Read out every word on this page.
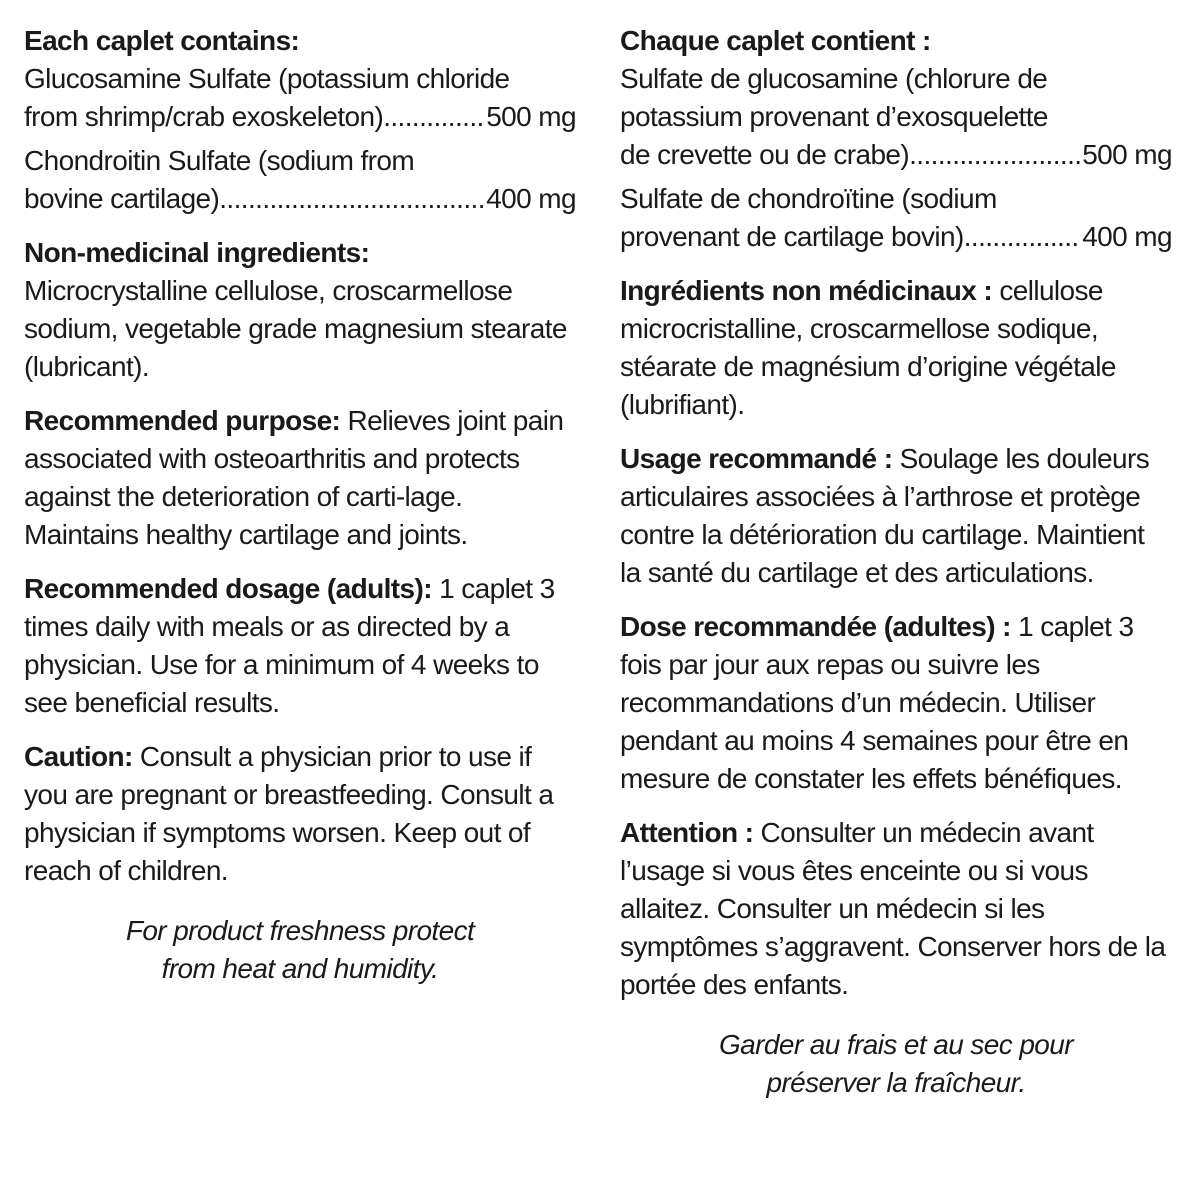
Each caplet contains:
Glucosamine Sulfate (potassium chloride
from shrimp/crab exoskeleton) .....	500 mg
Chondroitin Sulfate (sodium from
bovine cartilage) .....	400 mg
Non-medicinal ingredients:
Microcrystalline cellulose, croscarmellose sodium, vegetable grade magnesium stearate (lubricant).
Recommended purpose: Relieves joint pain associated with osteoarthritis and protects against the deterioration of carti-lage. Maintains healthy cartilage and joints.
Recommended dosage (adults): 1 caplet 3 times daily with meals or as directed by a physician. Use for a minimum of 4 weeks to see beneficial results.
Caution: Consult a physician prior to use if you are pregnant or breastfeeding. Consult a physician if symptoms worsen. Keep out of reach of children.
For product freshness protect
from heat and humidity.
Chaque caplet contient :
Sulfate de glucosamine (chlorure de
potassium provenant d’exosquelette
de crevette ou de crabe) .....	500 mg
Sulfate de chondroïtine (sodium
provenant de cartilage bovin) .....	400 mg
Ingrédients non médicinaux : cellulose microcristalline, croscarmellose sodique, stéarate de magnésium d’origine végétale (lubrifiant).
Usage recommandé : Soulage les douleurs articulaires associées à l’arthrose et protège contre la détérioration du cartilage. Maintient la santé du cartilage et des articulations.
Dose recommandée (adultes) : 1 caplet 3 fois par jour aux repas ou suivre les recommandations d’un médecin. Utiliser pendant au moins 4 semaines pour être en mesure de constater les effets bénéfiques.
Attention : Consulter un médecin avant l’usage si vous êtes enceinte ou si vous allaitez. Consulter un médecin si les symptômes s’aggravent. Conserver hors de la portée des enfants.
Garder au frais et au sec pour
préserver la fraîcheur.
